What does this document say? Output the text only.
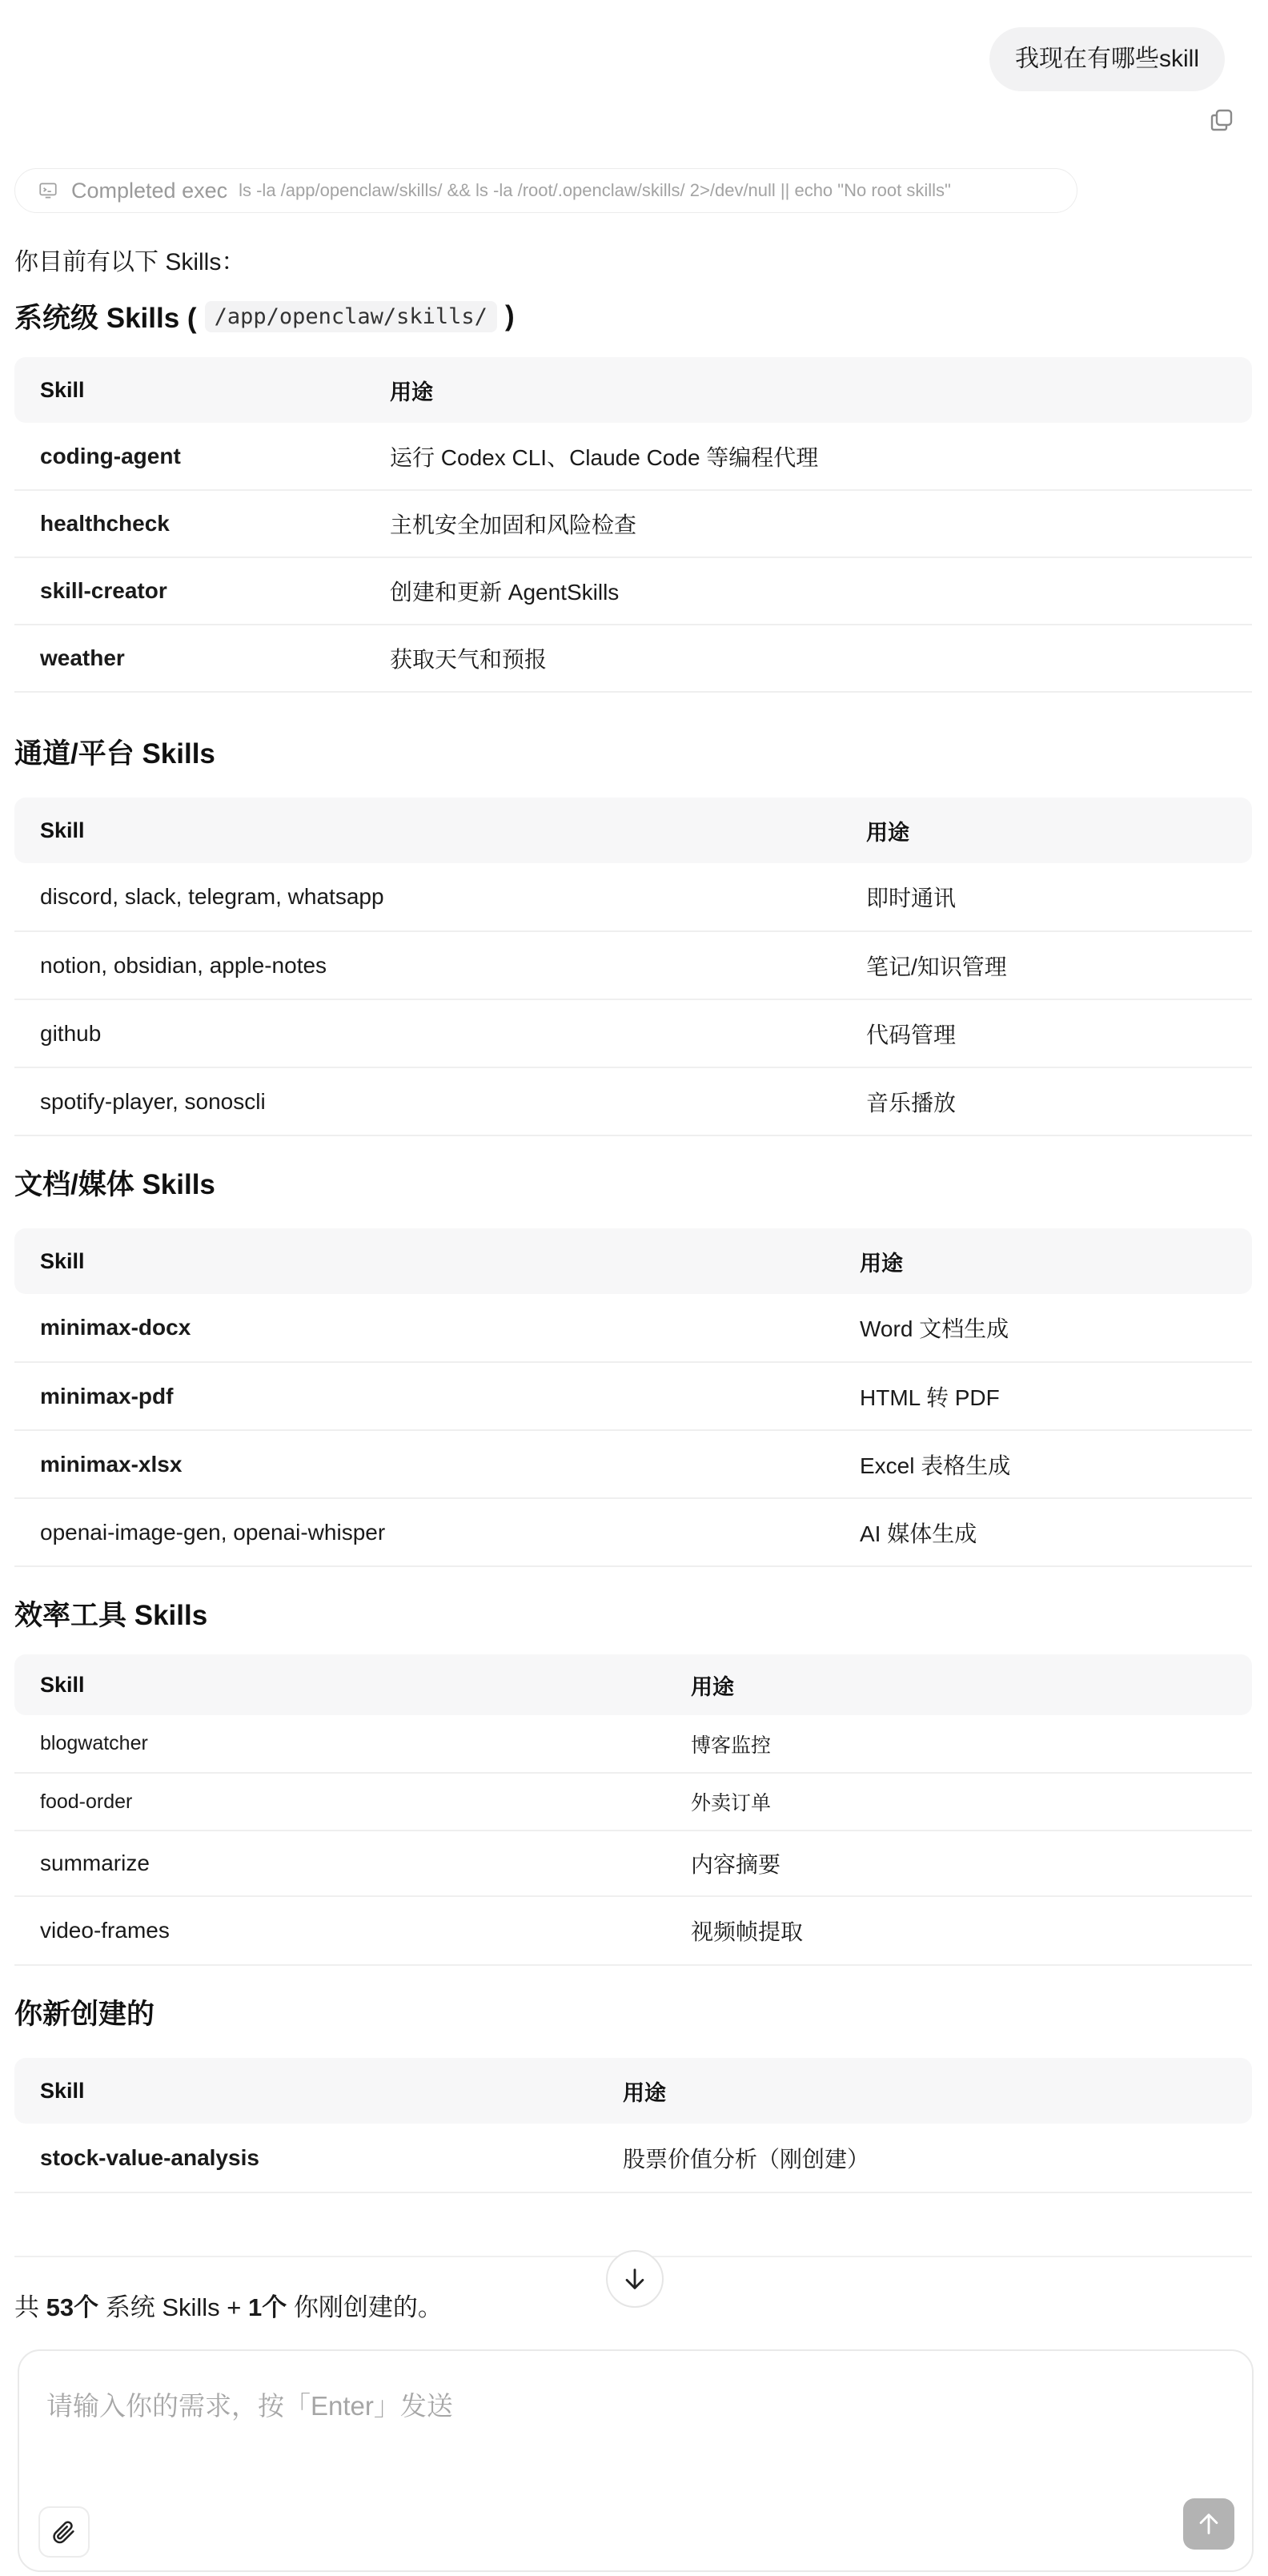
我现在有哪些skill
Completed exec ls -la /app/openclaw/skills/ && ls -la /root/.openclaw/skills/ 2>/dev/null || echo "No root skills"
你目前有以下 Skills：
系统级 Skills ( /app/openclaw/skills/ )
Skill	用途
coding-agent	运行 Codex CLI、Claude Code 等编程代理
healthcheck	主机安全加固和风险检查
skill-creator	创建和更新 AgentSkills
weather	获取天气和预报
通道/平台 Skills
Skill	用途
discord, slack, telegram, whatsapp	即时通讯
notion, obsidian, apple-notes	笔记/知识管理
github	代码管理
spotify-player, sonoscli	音乐播放
文档/媒体 Skills
Skill	用途
minimax-docx	Word 文档生成
minimax-pdf	HTML 转 PDF
minimax-xlsx	Excel 表格生成
openai-image-gen, openai-whisper	AI 媒体生成
效率工具 Skills
Skill	用途
blogwatcher	博客监控
food-order	外卖订单
summarize	内容摘要
video-frames	视频帧提取
你新创建的
Skill	用途
stock-value-analysis	股票价值分析（刚创建）
共 53个 系统 Skills + 1个 你刚创建的。
请输入你的需求，按「Enter」发送
